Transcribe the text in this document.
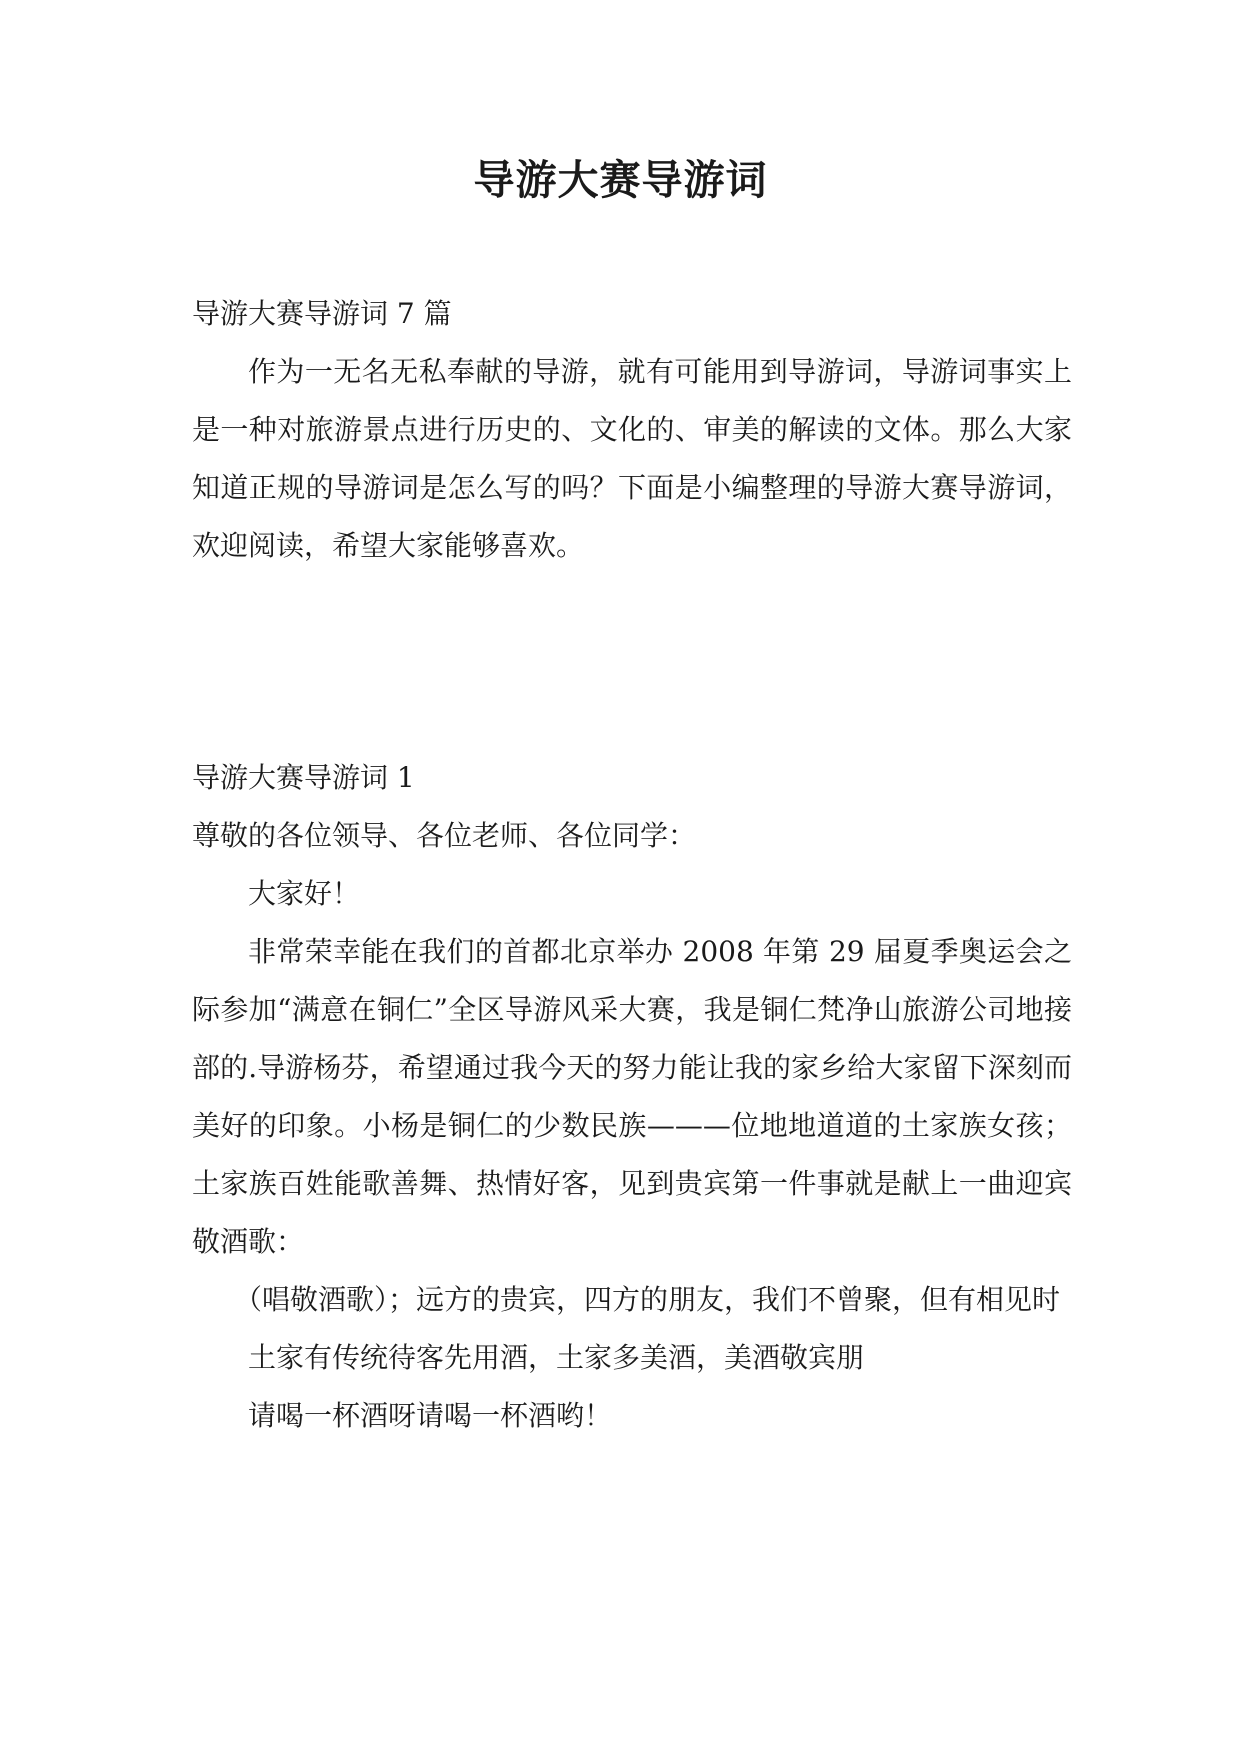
导游大赛导游词

导游大赛导游词 7 篇

作为一无名无私奉献的导游，就有可能用到导游词，导游词事实上是一种对旅游景点进行历史的、文化的、审美的解读的文体。那么大家知道正规的导游词是怎么写的吗？下面是小编整理的导游大赛导游词，欢迎阅读，希望大家能够喜欢。

导游大赛导游词 1

尊敬的各位领导、各位老师、各位同学：

大家好！

非常荣幸能在我们的首都北京举办 2008 年第 29 届夏季奥运会之际参加“满意在铜仁”全区导游风采大赛，我是铜仁梵净山旅游公司地接部的.导游杨芬，希望通过我今天的努力能让我的家乡给大家留下深刻而美好的印象。小杨是铜仁的少数民族———位地地道道的土家族女孩；土家族百姓能歌善舞、热情好客，见到贵宾第一件事就是献上一曲迎宾敬酒歌：

（唱敬酒歌）；远方的贵宾，四方的朋友，我们不曾聚，但有相见时

土家有传统待客先用酒，土家多美酒，美酒敬宾朋

请喝一杯酒呀请喝一杯酒哟！
